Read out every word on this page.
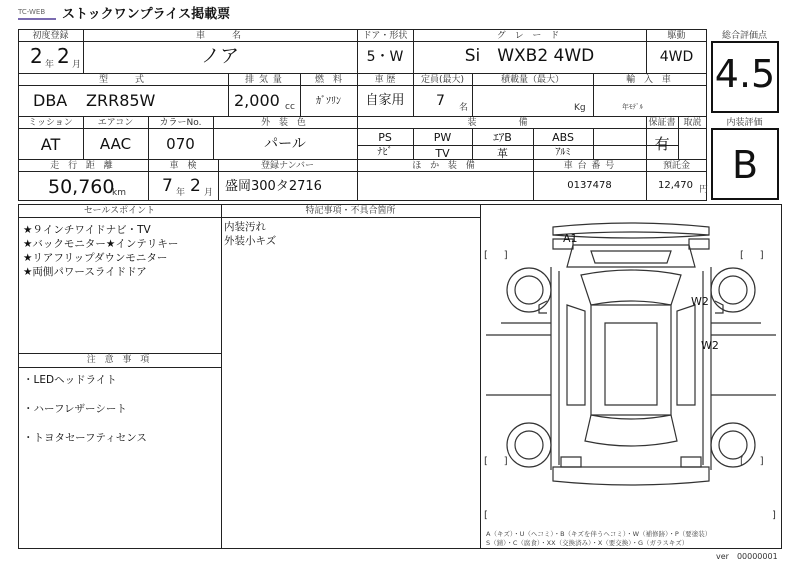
TC-WEB	ストックワンプライス掲載票
総合評価点
4.5
内装評価
B
初度登録
2 年 2 月
車　　名
ノア
ドア・形状
5・W
グ レ ー ド
Si　WXB2 4WD
駆動
4WD
型　　式
DBA ZRR85W
排 気 量
2,000 cc
燃　料
ｶﾞｿﾘﾝ
車 歴
自家用
定員(最大)
7 名
積載量（最大）
Kg
輸 入 車
年ﾓﾃﾞﾙ
ミッション
AT
エアコン
AAC
カラーNo.
070
外 装 色
パール
装　　備
PS	PW	ｴｱB	ABS
ﾅﾋﾞ	TV	革	ｱﾙﾐ
保証書
有
取説
走 行 距 離
50,760
km
車　検
7 年 2 月
登録ナンバー
盛岡300タ2716
ほ か 装 備	車 台 番 号
0137478
預託金
12,470 円
セールスポイント	特記事項・不具合箇所
注 意 事 項
★９インチワイドナビ・TV
★バックモニター★インテリキー
★リアフリップダウンモニター
★両側パワースライドドア
内装汚れ
外装小キズ
・LEDヘッドライト
・ハーフレザーシート
・トヨタセーフティセンス
A1
W2
W2
[     ]	[     ]
[     ]	[     ]
[	]
A（キズ）・U（ヘコミ）・B（キズを伴うヘコミ）・W（補修跡）・P（要塗装）
S（錆）・C（腐食）・XX（交換済み）・X（要交換）・G（ガラスキズ）
ver　00000001
